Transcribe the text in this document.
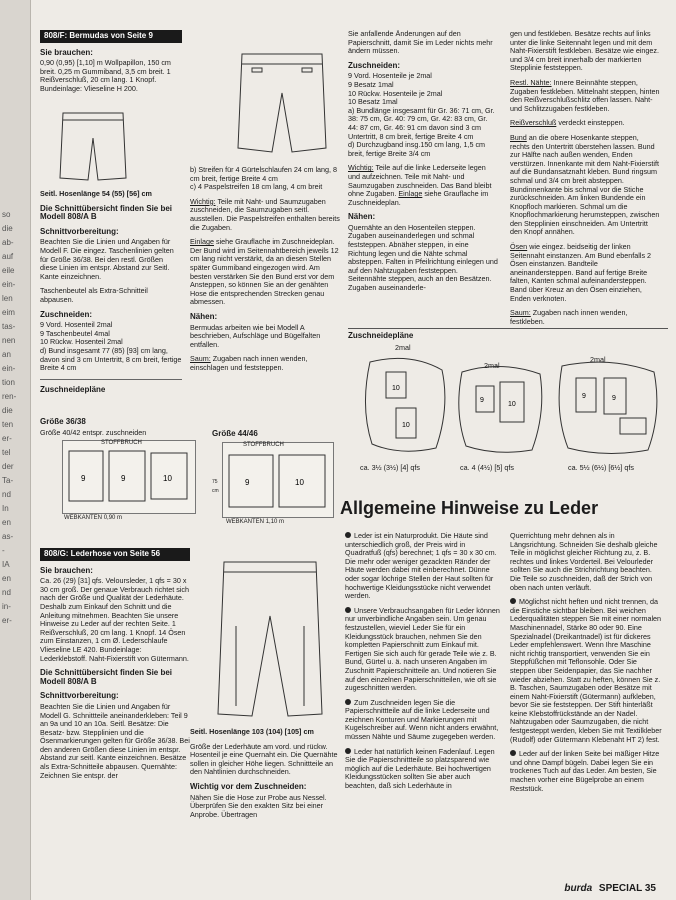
so
die
ab-
auf
eile
ein-
len
eim
tas-
nen
an
ein-
tion
ren-
die
ten
er-
tel
der
Ta-
nd
In
en
as-
-
IA
en
nd
in-
er-
808/F: Bermudas von Seite 9
Sie brauchen:

0,90 (0,95) [1,10] m Wollpapillon, 150 cm breit. 0,25 m Gummiband, 3,5 cm breit. 1 Reißverschluß, 20 cm lang. 1 Knopf. Bundeinlage: Vlieseline H 200.

Seitl. Hosenlänge 54 (55) [56] cm

Die Schnittübersicht finden Sie bei Modell 808/A B
Schnittvorbereitung:

Beachten Sie die Linien und Angaben für Modell F. Die eingez. Taschenlinien gelten für Größe 36/38. Bei den restl. Größen diese Linien im entspr. Abstand zur Seitl. Kante einzeichnen.

Taschenbeutel als Extra-Schnitteil abpausen.

Zuschneiden:
9 Vord. Hosenteil 2mal
9 Taschenbeutel 4mal
10 Rückw. Hosenteil 2mal
d) Bund insgesamt 77 (85) [93] cm lang, davon sind 3 cm Untertritt, 8 cm breit, fertige Breite 4 cm
Zuschneidepläne
b) Streifen für 4 Gürtelschlaufen 24 cm lang, 8 cm breit, fertige Breite 4 cm
c) 4 Paspelstreifen 18 cm lang, 4 cm breit

Wichtig: Teile mit Naht- und Saumzugaben zuschneiden, die Saumzugaben seitl. ausstellen. Die Paspelstreifen enthalten bereits die Zugaben.

Einlage siehe Grauflache im Zuschneideplan. Der Bund wird im Seitennahtbereich jeweils 12 cm lang nicht verstärkt, da an diesen Stellen später Gummiband eingezogen wird. Am besten verstärken Sie den Bund erst vor dem Ansteppen, so können Sie an der genähten Hose die entsprechenden Strecken genau abmessen.

Nähen:

Bermudas arbeiten wie bei Modell A beschrieben, Aufschläge und Bügelfalten entfallen.

Saum: Zugaben nach innen wenden, einschlagen und feststeppen.

Größe 36/38
Größe 40/42 entspr. zuschneiden
STOFFBRUCH
9	9	10
WEBKANTEN 0,90 m
Größe 44/46
STOFFBRUCH
9	10
75 cm
WEBKANTEN 1,10 m

Sie anfallende Änderungen auf den Papierschnitt, damit Sie im Leder nichts mehr ändern müssen.

Zuschneiden:
9 Vord. Hosenteile je 2mal
9 Besatz 1mal
10 Rückw. Hosenteile je 2mal
10 Besatz 1mal
a) Bundlänge insgesamt für Gr. 36: 71 cm, Gr. 38: 75 cm, Gr. 40: 79 cm, Gr. 42: 83 cm, Gr. 44: 87 cm, Gr. 46: 91 cm davon sind 3 cm Untertritt, 8 cm breit, fertige Breite 4 cm
d) Durchzugband insg.150 cm lang, 1,5 cm breit, fertige Breite 3/4 cm

Wichtig: Teile auf die linke Lederseite legen und aufzeichnen. Teile mit Naht- und Saumzugaben zuschneiden. Das Band bleibt ohne Zugaben. Einlage siehe Grauflache im Zuschneideplan.

Nähen:

Quernähte an den Hosenteilen steppen. Zugaben auseinanderlegen und schmal feststeppen. Abnäher steppen, in eine Richtung legen und die Nähte schmal absteppen. Falten in Pfeilrichtung einlegen und auf den Nahtzugaben feststeppen. Seitennähte steppen, auch an den Besätzen. Zugaben auseinanderle-

gen und festkleben. Besätze rechts auf links unter die linke Seitennaht legen und mit dem Naht-Fixierstift festkleben. Besätze wie eingez. und 3/4 cm breit innerhalb der markierten Stepplinie feststeppen.

Restl. Nähte: Innere Beinnähte steppen, Zugaben festkleben. Mittelnaht steppen, hinten den Reißverschlußschlitz offen lassen. Naht- und Schlitzzugaben festkleben.

Reißverschluß verdeckt einsteppen.

Bund an die obere Hosenkante steppen, rechts den Untertritt überstehen lassen. Bund zur Hälfte nach außen wenden, Enden verstürzen. Innenkante mit dem Naht-Fixierstift auf die Bundansatznaht kleben. Bund ringsum schmal und 3/4 cm breit absteppen. Bundinnenkante bis schmal vor die Stiche zurückschneiden. Am linken Bundende ein Knopfloch markieren. Schmal um die Knopflochmarkierung herumsteppen, zwischen den Stepplinien einschneiden. Am Untertritt den Knopf annähen.

Ösen wie eingez. beidseitig der linken Seitennaht einstanzen. Am Bund ebenfalls 2 Ösen einstanzen. Bandteile aneinandersteppen. Band auf fertige Breite falten, Kanten schmal aufeinandersteppen. Band über Kreuz an den Ösen einziehen, Enden verknoten.

Saum: Zugaben nach innen wenden, festkleben.

Zuschneidepläne
2mal
2mal
2mal
10
10
9
10
9	9
ca. 3½ (3½) [4] qfs	ca. 4 (4½) [5] qfs	ca. 5½ (6½) [6½] qfs
808/G: Lederhose von Seite 56
Sie brauchen:

Ca. 26 (29) [31] qfs. Veloursleder, 1 qfs = 30 x 30 cm groß. Der genaue Verbrauch richtet sich nach der Größe und Qualität der Lederhäute. Deshalb zum Einkauf den Schnitt und die Anleitung mitnehmen. Beachten Sie unsere Hinweise zu Leder auf der rechten Seite. 1 Reißverschluß, 20 cm lang. 1 Knopf. 14 Ösen zum Einstanzen, 1 cm Ø. Lederschlaufe Vlieseline LE 420. Bundeinlage: Lederklebstoff. Naht-Fixierstift von Gütermann.

Die Schnittübersicht finden Sie bei Modell 808/A B
Schnittvorbereitung:

Beachten Sie die Linien und Angaben für Modell G. Schnittteile aneinanderkleben: Teil 9 an 9a und 10 an 10a. Seitl. Besätze: Die Besatz- bzw. Stepplinien und die Ösenmarkierungen gelten für Größe 36/38. Bei den anderen Größen diese Linien im entspr. Abstand zur seitl. Kante einzeichnen. Besätze als Extra-Schnitteile abpausen. Quernähte: Zeichnen Sie entspr. der

Seitl. Hosenlänge 103 (104) [105] cm

Größe der Lederhäute am vord. und rückw. Hosenteil je eine Quernaht ein. Die Quernähte sollen in gleicher Höhe liegen. Schnittteile an den Nahtlinien durchschneiden.

Wichtig vor dem Zuschneiden:

Nähen Sie die Hose zur Probe aus Nessel. Überprüfen Sie den exakten Sitz bei einer Anprobe. Übertragen

Allgemeine Hinweise zu Leder

Leder ist ein Naturprodukt. Die Häute sind unterschiedlich groß, der Preis wird in Quadratfuß (qfs) berechnet; 1 qfs = 30 x 30 cm. Die mehr oder weniger gezackten Ränder der Häute werden dabei mit einberechnet. Dünne oder sogar löchrige Stellen der Haut sollten für hochwertige Kleidungsstücke nicht verwendet werden.

Unsere Verbrauchsangaben für Leder können nur unverbindliche Angaben sein. Um genau festzustellen, wieviel Leder Sie für ein Kleidungsstück brauchen, nehmen Sie den kompletten Papierschnitt zum Einkauf mit. Fertigen Sie sich auch für gerade Teile wie z. B. Bund, Gürtel u. ä. nach unseren Angaben im Zuschnitt Papierschnitteile an. Und notieren Sie auf den einzelnen Papierschnitteilen, wie oft sie zugeschnitten werden.

Zum Zuschneiden legen Sie die Papierschnittteile auf die linke Lederseite und zeichnen Konturen und Markierungen mit Kugelschreiber auf. Wenn nicht anders erwähnt, müssen Nähte und Säume zugegeben werden.

Leder hat natürlich keinen Fadenlauf. Legen Sie die Papierschnittteile so platzsparend wie möglich auf die Lederhäute. Bei hochwertigen Kleidungsstücken sollten Sie aber auch beachten, daß sich Lederhäute in

Querrichtung mehr dehnen als in Längsrichtung. Schneiden Sie deshalb gleiche Teile in möglichst gleicher Richtung zu, z. B. rechtes und linkes Vorderteil. Bei Velourleder sollten Sie auch die Strichrichtung beachten. Die Teile so zuschneiden, daß der Strich von oben nach unten verläuft.

Möglichst nicht heften und nicht trennen, da die Einstiche sichtbar bleiben. Bei weichen Lederqualitäten steppen Sie mit einer normalen Maschinennadel, Stärke 80 oder 90. Eine Spezialnadel (Dreikantnadel) ist für dickeres Leder empfehlenswert. Wenn Ihre Maschine nicht richtig transportiert, verwenden Sie ein Steppfüßchen mit Teflonsohle. Oder Sie steppen über Seidenpapier, das Sie nachher wieder abziehen. Statt zu heften, können Sie z. B. Taschen, Saumzugaben oder Besätze mit einem Naht-Fixierstift (Gütermann) aufkleben, bevor Sie sie feststeppen. Der Stift hinterläßt keine Klebstoffrückstände an der Nadel. Nahtzugaben oder Saumzugaben, die nicht festgesteppt werden, kleben Sie mit Textilkleber (Rudolf) oder Gütermann Klebenaht HT 2) fest.

Leder auf der linken Seite bei mäßiger Hitze und ohne Dampf bügeln. Dabei legen Sie ein trockenes Tuch auf das Leder. Am besten, Sie machen vorher eine Bügelprobe an einem Reststück.

burda SPECIAL 35
